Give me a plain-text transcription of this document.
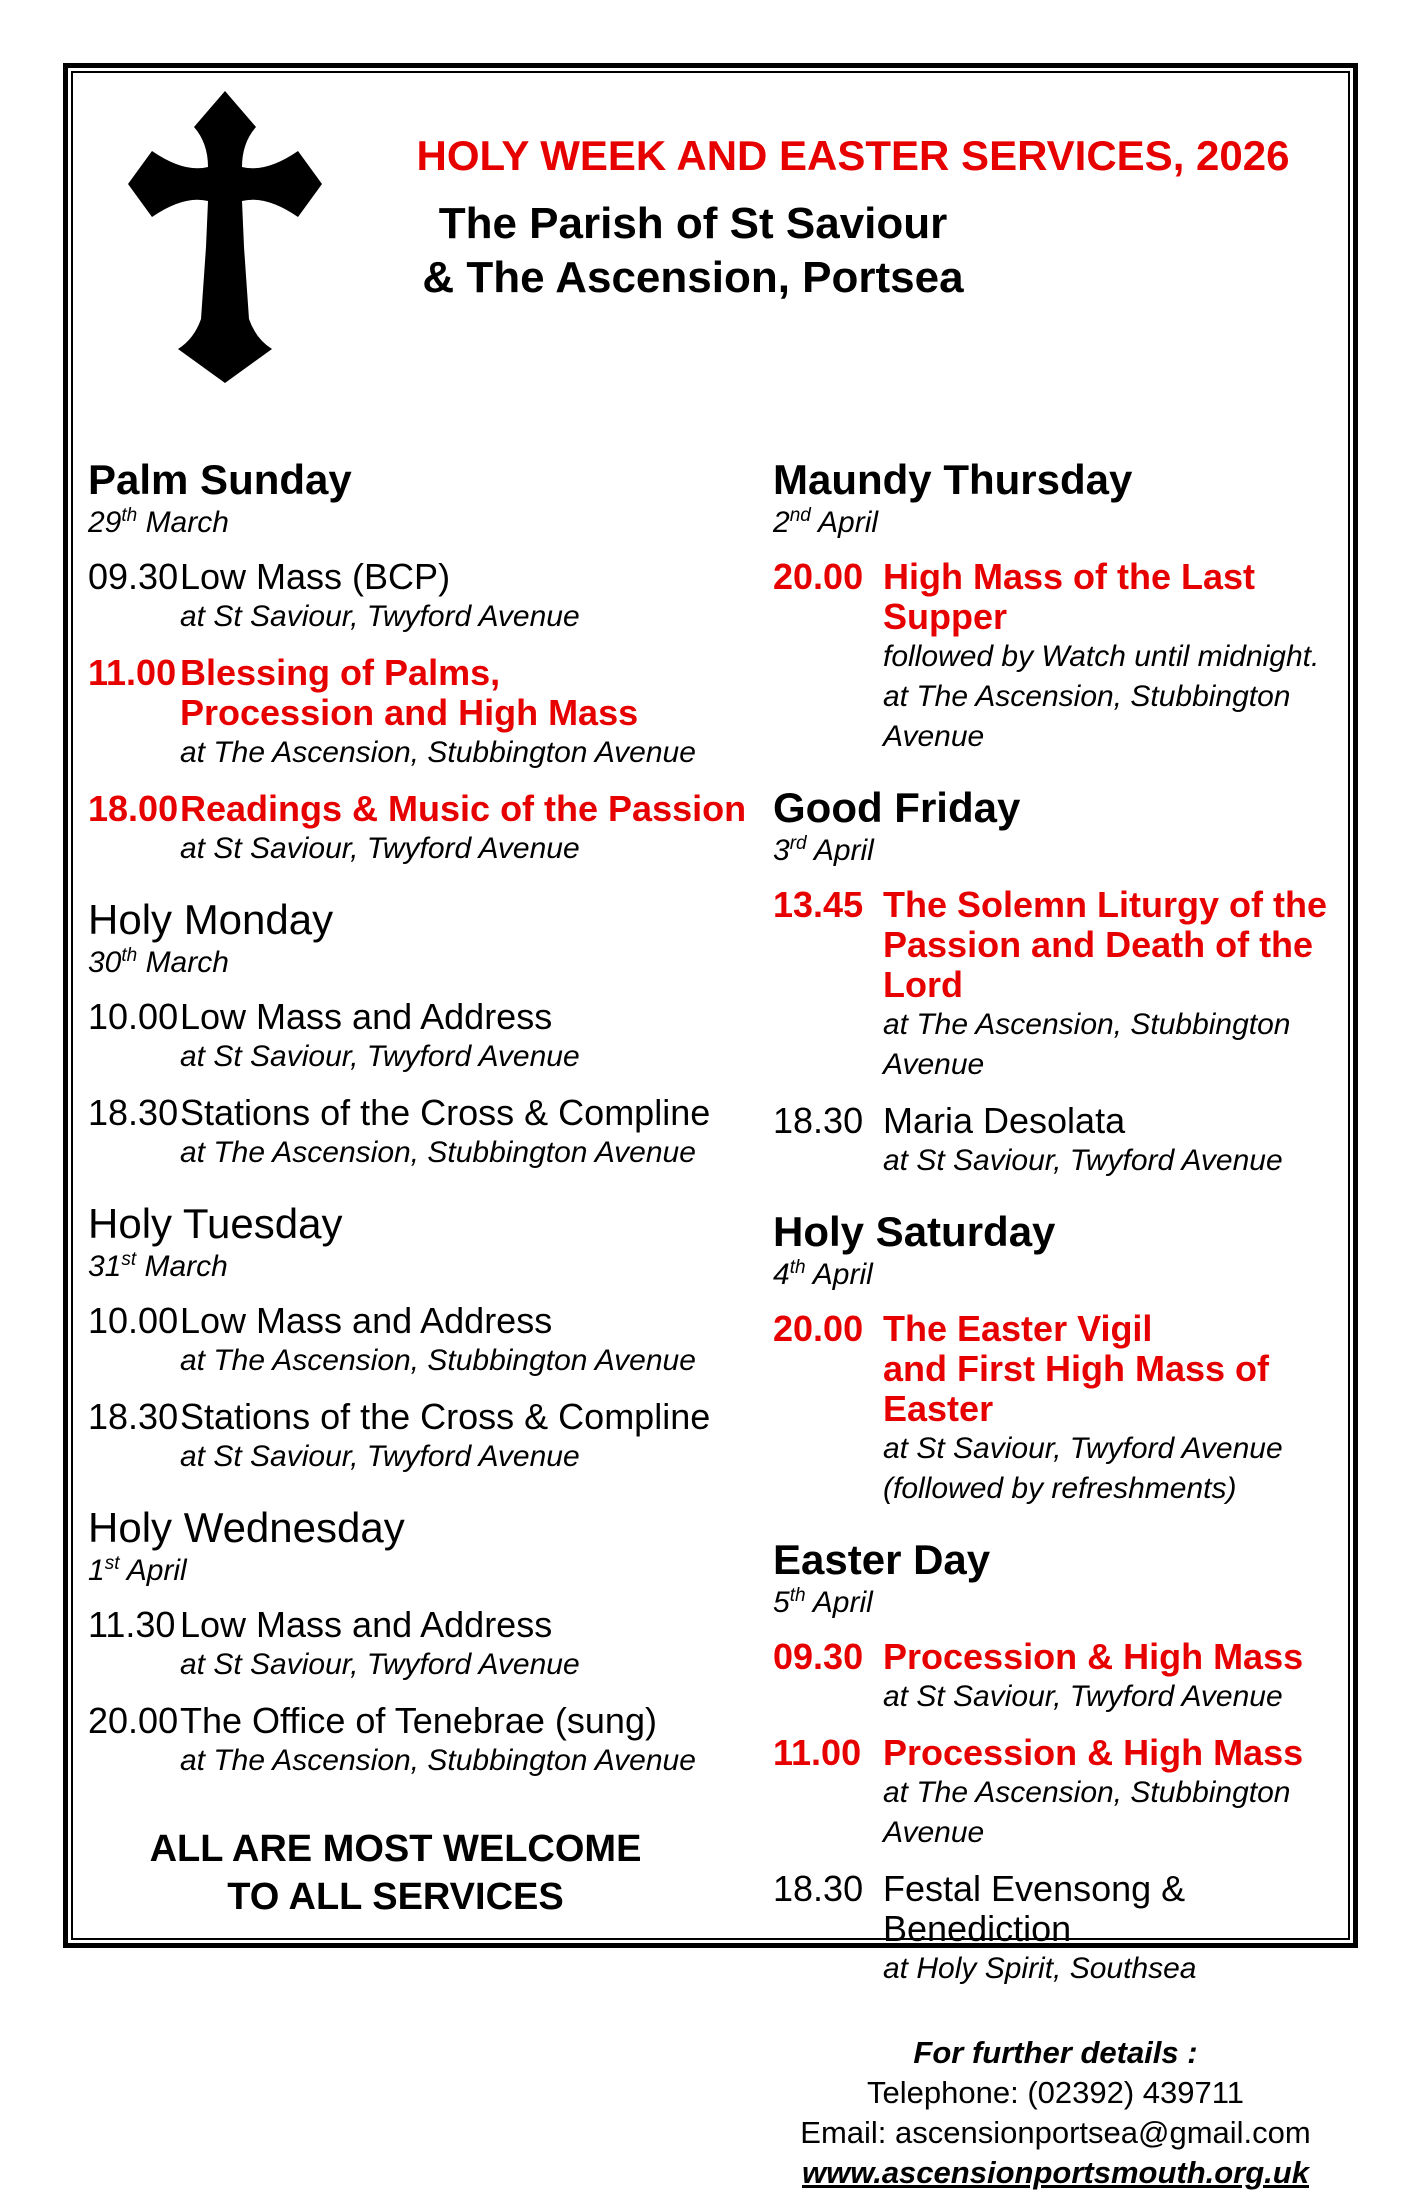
HOLY WEEK AND EASTER SERVICES, 2026
The Parish of St Saviour
& The Ascension, Portsea
Palm Sunday

29th March

09.30 Low Mass (BCP)
at St Saviour, Twyford Avenue
11.00 Blessing of Palms,
Procession and High Mass
at The Ascension, Stubbington Avenue
18.00 Readings & Music of the Passion
at St Saviour, Twyford Avenue
Holy Monday

30th March

10.00 Low Mass and Address
at St Saviour, Twyford Avenue
18.30 Stations of the Cross & Compline
at The Ascension, Stubbington Avenue
Holy Tuesday

31st March

10.00 Low Mass and Address
at The Ascension, Stubbington Avenue
18.30 Stations of the Cross & Compline
at St Saviour, Twyford Avenue
Holy Wednesday

1st April

11.30 Low Mass and Address
at St Saviour, Twyford Avenue
20.00 The Office of Tenebrae (sung)
at The Ascension, Stubbington Avenue
ALL ARE MOST WELCOME
TO ALL SERVICES
Maundy Thursday

2nd April

20.00 High Mass of the Last Supper
followed by Watch until midnight.
at The Ascension, Stubbington Avenue
Good Friday

3rd April

13.45 The Solemn Liturgy of the
Passion and Death of the Lord
at The Ascension, Stubbington Avenue
18.30 Maria Desolata
at St Saviour, Twyford Avenue
Holy Saturday

4th April

20.00 The Easter Vigil
and First High Mass of Easter
at St Saviour, Twyford Avenue
(followed by refreshments)
Easter Day

5th April

09.30 Procession & High Mass
at St Saviour, Twyford Avenue
11.00 Procession & High Mass
at The Ascension, Stubbington Avenue
18.30 Festal Evensong & Benediction
at Holy Spirit, Southsea
For further details :
Telephone: (02392) 439711
Email: ascensionportsea@gmail.com
www.ascensionportsmouth.org.uk
